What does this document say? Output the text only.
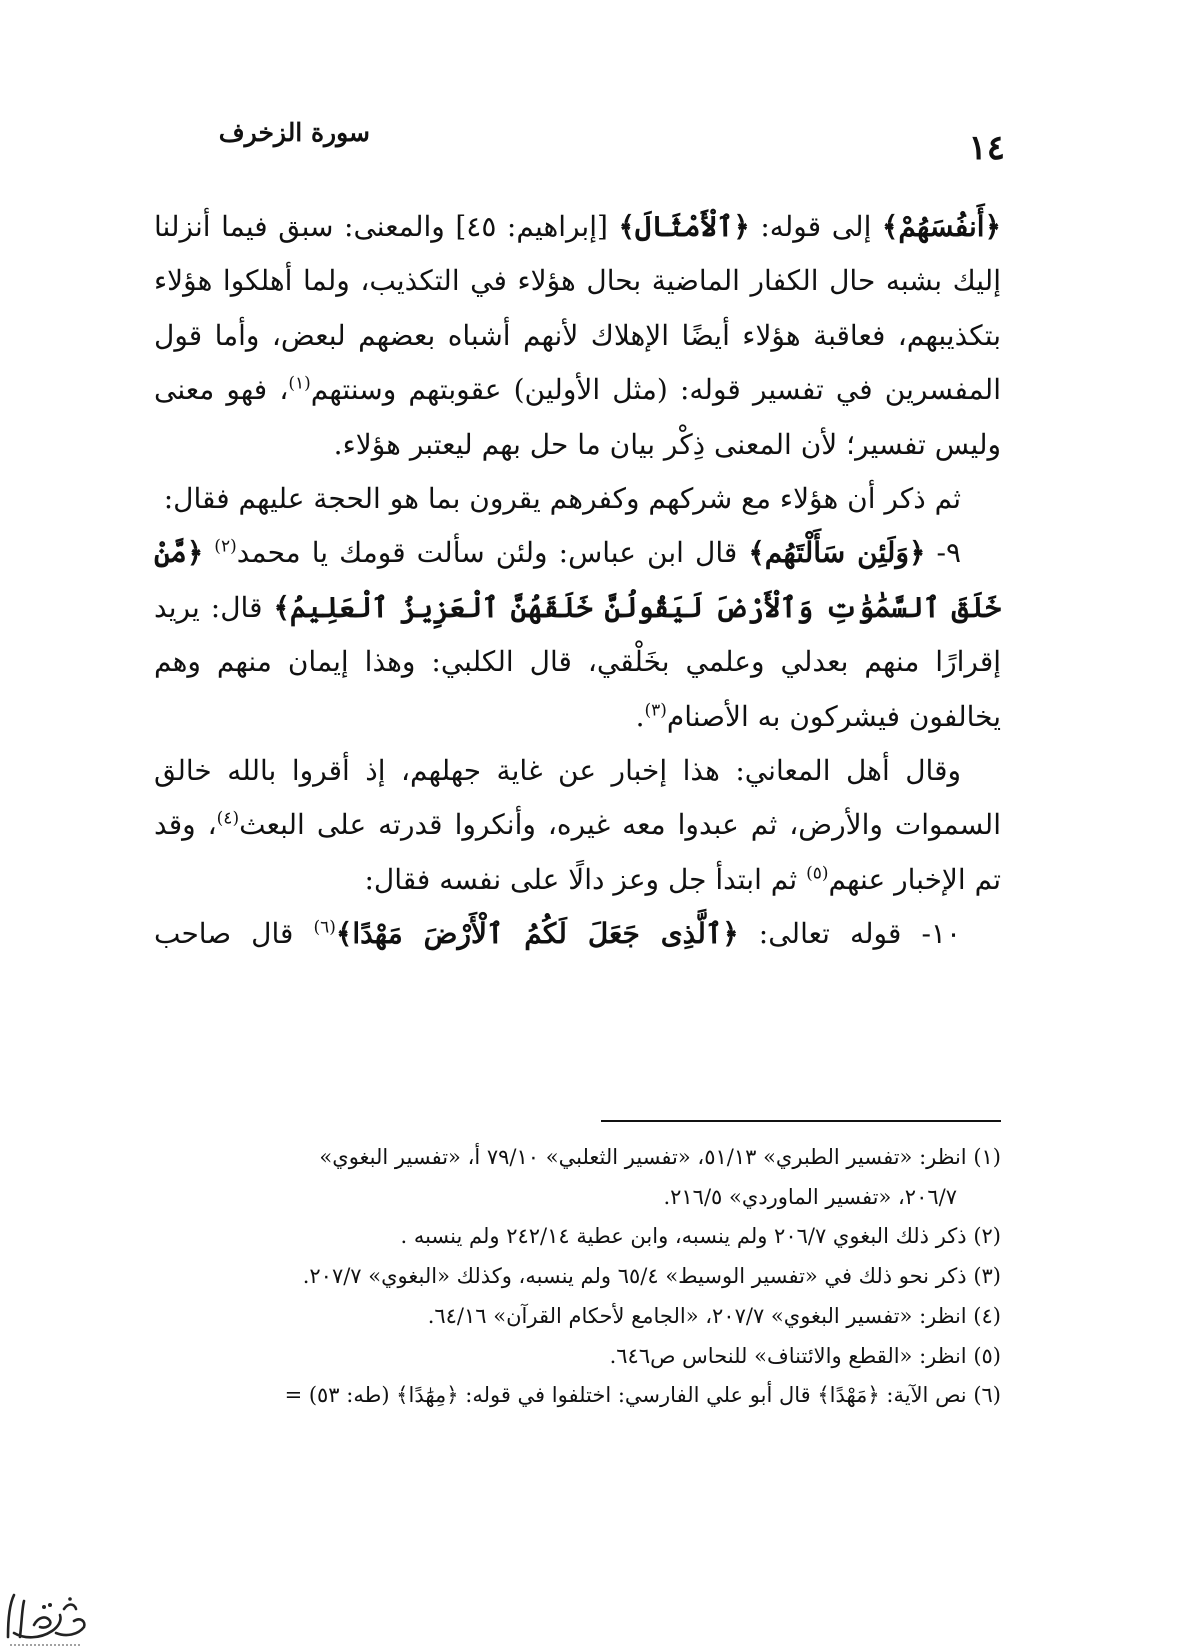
سورة الزخرف	١٤

﴿أَنفُسَهُمْ﴾ إلى قوله: ﴿ٱلْأَمْثَالَ﴾ [إبراهيم: ٤٥] والمعنى: سبق فيما أنزلنا إليك بشبه حال الكفار الماضية بحال هؤلاء في التكذيب، ولما أهلكوا هؤلاء بتكذيبهم، فعاقبة هؤلاء أيضًا الإهلاك لأنهم أشباه بعضهم لبعض، وأما قول المفسرين في تفسير قوله: (مثل الأولين) عقوبتهم وسنتهم$^{(١)}$، فهو معنى وليس تفسير؛ لأن المعنى ذِكْر بيان ما حل بهم ليعتبر هؤلاء.

ثم ذكر أن هؤلاء مع شركهم وكفرهم يقرون بما هو الحجة عليهم فقال:

٩- ﴿وَلَئِن سَأَلْتَهُم﴾ قال ابن عباس: ولئن سألت قومك يا محمد$^{(٢)}$ ﴿مَّنْ خَلَقَ ٱلسَّمَٰوَٰتِ وَٱلْأَرْضَ لَيَقُولُنَّ خَلَقَهُنَّ ٱلْعَزِيزُ ٱلْعَلِيمُ﴾ قال: يريد إقرارًا منهم بعدلي وعلمي بخَلْقي، قال الكلبي: وهذا إيمان منهم وهم يخالفون فيشركون به الأصنام$^{(٣)}$.

وقال أهل المعاني: هذا إخبار عن غاية جهلهم، إذ أقروا بالله خالق السموات والأرض، ثم عبدوا معه غيره، وأنكروا قدرته على البعث$^{(٤)}$، وقد تم الإخبار عنهم$^{(٥)}$ ثم ابتدأ جل وعز دالًا على نفسه فقال:

١٠- قوله تعالى: ﴿ٱلَّذِى جَعَلَ لَكُمُ ٱلْأَرْضَ مَهْدًا﴾$^{(٦)}$ قال صاحب

(١) انظر: «تفسير الطبري» ٥١/١٣، «تفسير الثعلبي» ٧٩/١٠ أ، «تفسير البغوي»

٢٠٦/٧، «تفسير الماوردي» ٢١٦/٥.

(٢) ذكر ذلك البغوي ٢٠٦/٧ ولم ينسبه، وابن عطية ٢٤٢/١٤ ولم ينسبه .

(٣) ذكر نحو ذلك في «تفسير الوسيط» ٦٥/٤ ولم ينسبه، وكذلك «البغوي» ٢٠٧/٧.

(٤) انظر: «تفسير البغوي» ٢٠٧/٧، «الجامع لأحكام القرآن» ٦٤/١٦.

(٥) انظر: «القطع والائتناف» للنحاس ص٦٤٦.

(٦) نص الآية: ﴿مَهْدًا﴾ قال أبو علي الفارسي: اختلفوا في قوله: ﴿مِهَٰدًا﴾ (طه: ٥٣) =
